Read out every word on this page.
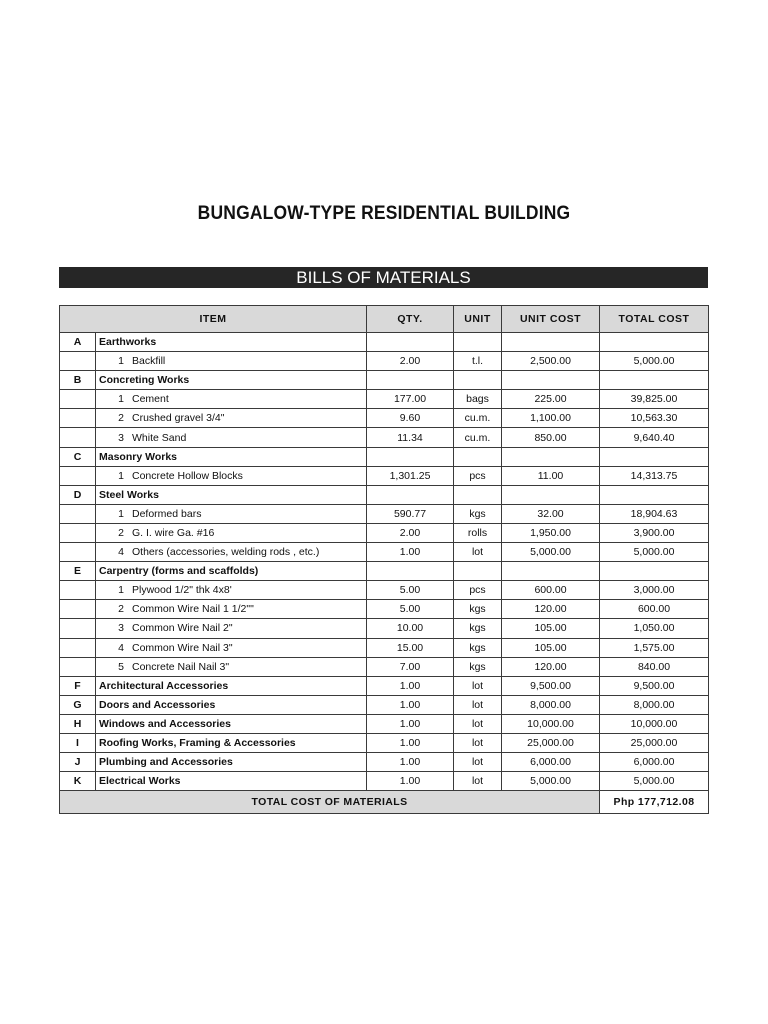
BUNGALOW-TYPE RESIDENTIAL BUILDING
BILLS OF MATERIALS
ITEM		QTY.	UNIT	UNIT COST	TOTAL COST
A	Earthworks				
	1 Backfill	2.00	t.l.	2,500.00	5,000.00
B	Concreting Works				
	1 Cement	177.00	bags	225.00	39,825.00
	2 Crushed gravel 3/4"	9.60	cu.m.	1,100.00	10,563.30
	3 White Sand	11.34	cu.m.	850.00	9,640.40
C	Masonry Works				
	1 Concrete Hollow Blocks	1,301.25	pcs	11.00	14,313.75
D	Steel Works				
	1 Deformed bars	590.77	kgs	32.00	18,904.63
	2 G. I. wire Ga. #16	2.00	rolls	1,950.00	3,900.00
	4 Others (accessories, welding rods , etc.)	1.00	lot	5,000.00	5,000.00
E	Carpentry (forms and scaffolds)				
	1 Plywood 1/2" thk 4x8'	5.00	pcs	600.00	3,000.00
	2 Common Wire Nail 1 1/2""	5.00	kgs	120.00	600.00
	3 Common Wire Nail 2"	10.00	kgs	105.00	1,050.00
	4 Common Wire Nail 3"	15.00	kgs	105.00	1,575.00
	5 Concrete Nail Nail 3"	7.00	kgs	120.00	840.00
F	Architectural Accessories	1.00	lot	9,500.00	9,500.00
G	Doors and Accessories	1.00	lot	8,000.00	8,000.00
H	Windows and Accessories	1.00	lot	10,000.00	10,000.00
I	Roofing Works, Framing & Accessories	1.00	lot	25,000.00	25,000.00
J	Plumbing and Accessories	1.00	lot	6,000.00	6,000.00
K	Electrical Works	1.00	lot	5,000.00	5,000.00
TOTAL COST OF MATERIALS					Php 177,712.08
